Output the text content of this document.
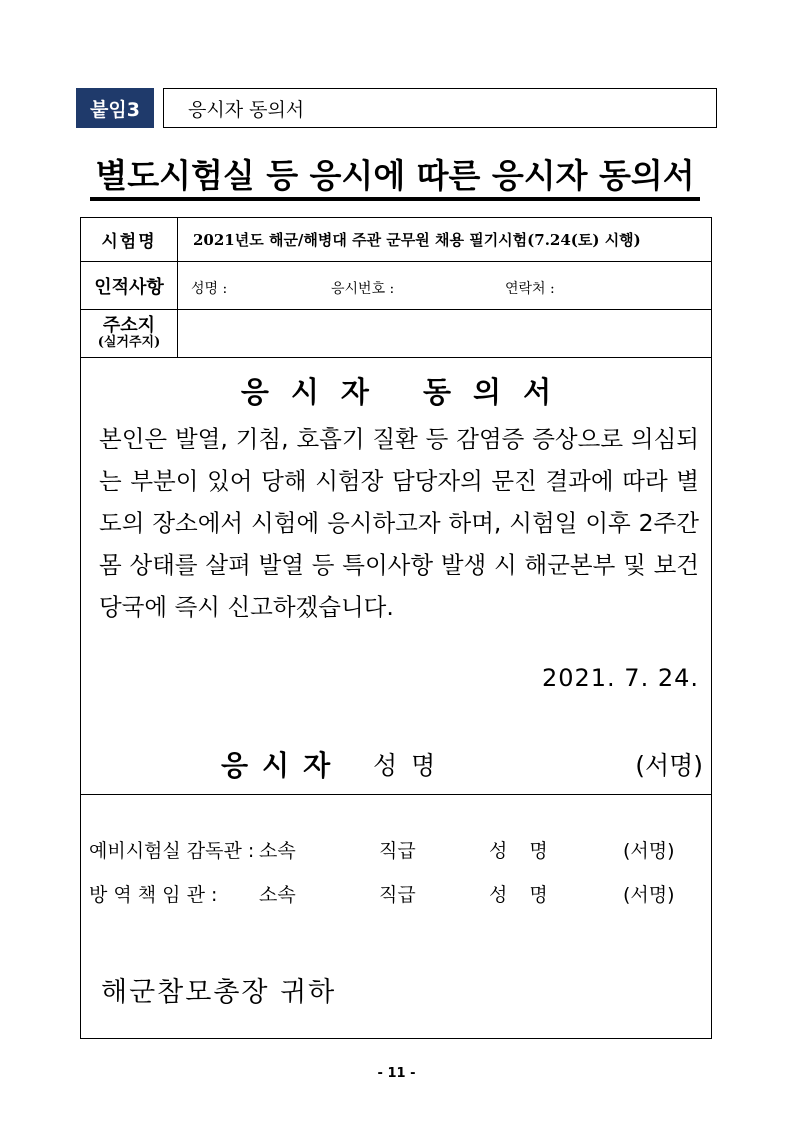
붙임3	응시자 동의서
별도시험실 등 응시에 따른 응시자 동의서
시험명	2021년도 해군/해병대 주관 군무원 채용 필기시험(7.24(토) 시행)
인적사항	성명 :	응시번호 :	연락처 :
주소지
(실거주지)
응시자 동의서
본인은 발열, 기침, 호흡기 질환 등 감염증 증상으로 의심되는 부분이 있어 당해 시험장 담당자의 문진 결과에 따라 별도의 장소에서 시험에 응시하고자 하며, 시험일 이후 2주간 몸 상태를 살펴 발열 등 특이사항 발생 시 해군본부 및 보건당국에 즉시 신고하겠습니다.
2021. 7. 24.
응시자 성명	(서명)
예비시험실 감독관 : 소속	직급	성 명	(서명)
방 역 책 임 관 : 소속	직급	성 명	(서명)
해군참모총장 귀하
- 11 -
